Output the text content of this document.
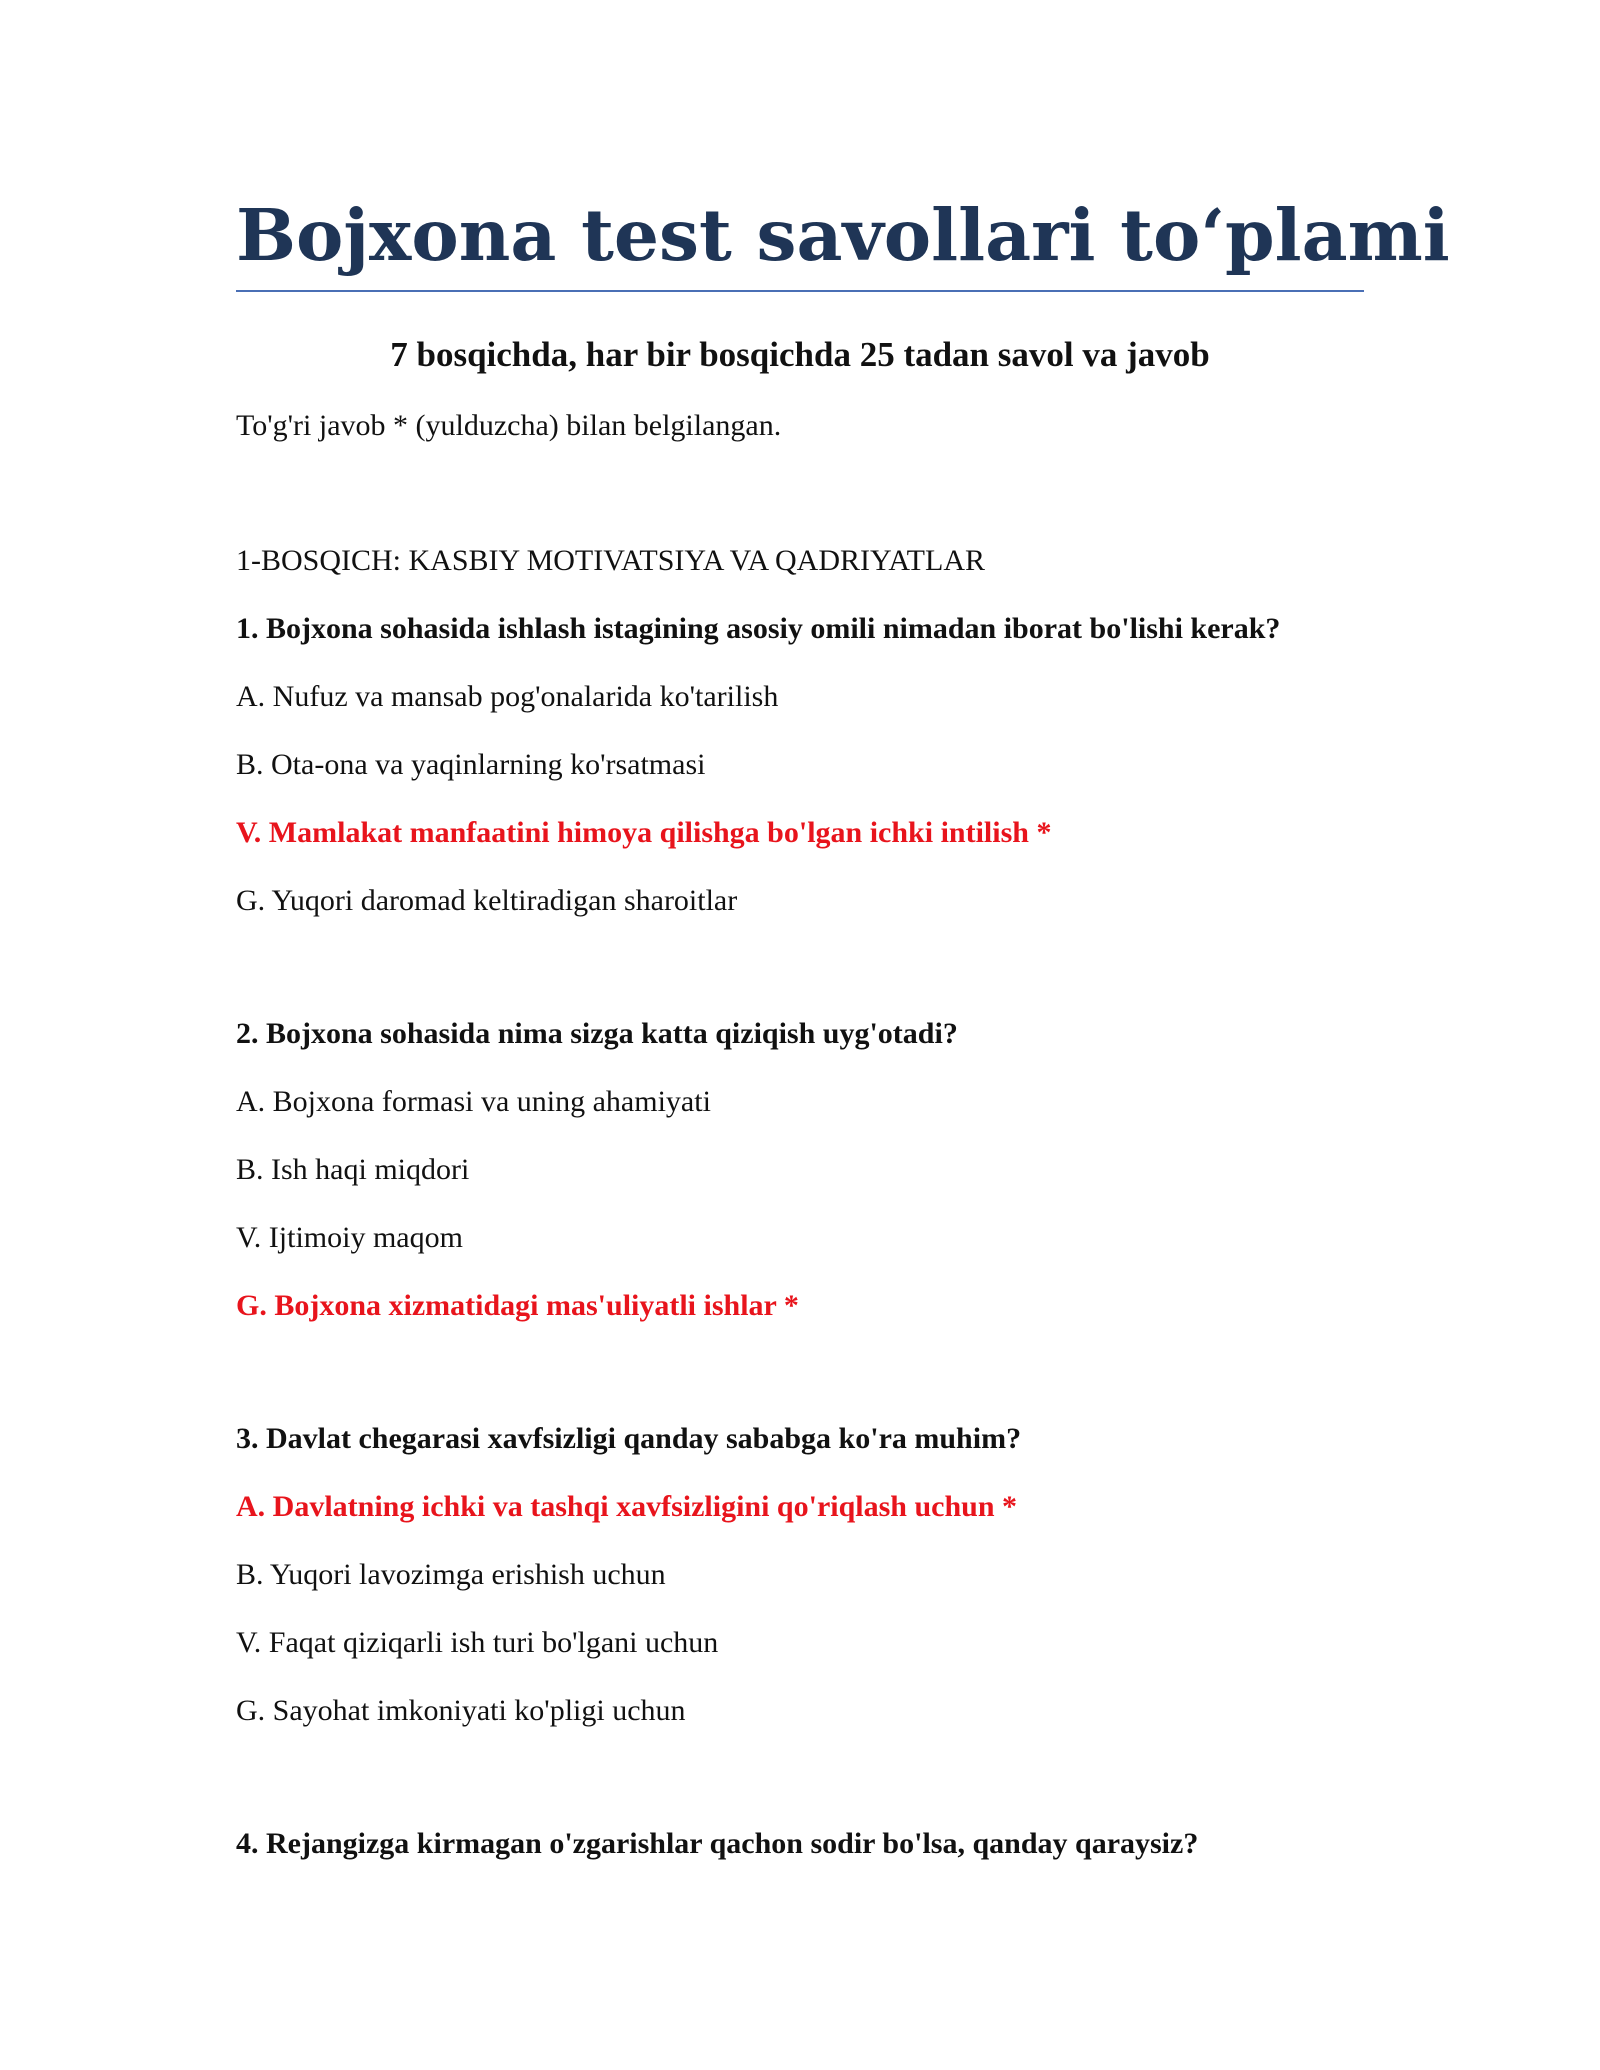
Bojxona test savollari to‘plami
7 bosqichda, har bir bosqichda 25 tadan savol va javob

To'g'ri javob * (yulduzcha) bilan belgilangan.

1-BOSQICH: KASBIY MOTIVATSIYA VA QADRIYATLAR

1. Bojxona sohasida ishlash istagining asosiy omili nimadan iborat bo'lishi kerak?

A. Nufuz va mansab pog'onalarida ko'tarilish

B. Ota-ona va yaqinlarning ko'rsatmasi

V. Mamlakat manfaatini himoya qilishga bo'lgan ichki intilish *

G. Yuqori daromad keltiradigan sharoitlar

2. Bojxona sohasida nima sizga katta qiziqish uyg'otadi?

A. Bojxona formasi va uning ahamiyati

B. Ish haqi miqdori

V. Ijtimoiy maqom

G. Bojxona xizmatidagi mas'uliyatli ishlar *

3. Davlat chegarasi xavfsizligi qanday sababga ko'ra muhim?

A. Davlatning ichki va tashqi xavfsizligini qo'riqlash uchun *

B. Yuqori lavozimga erishish uchun

V. Faqat qiziqarli ish turi bo'lgani uchun

G. Sayohat imkoniyati ko'pligi uchun

4. Rejangizga kirmagan o'zgarishlar qachon sodir bo'lsa, qanday qaraysiz?
